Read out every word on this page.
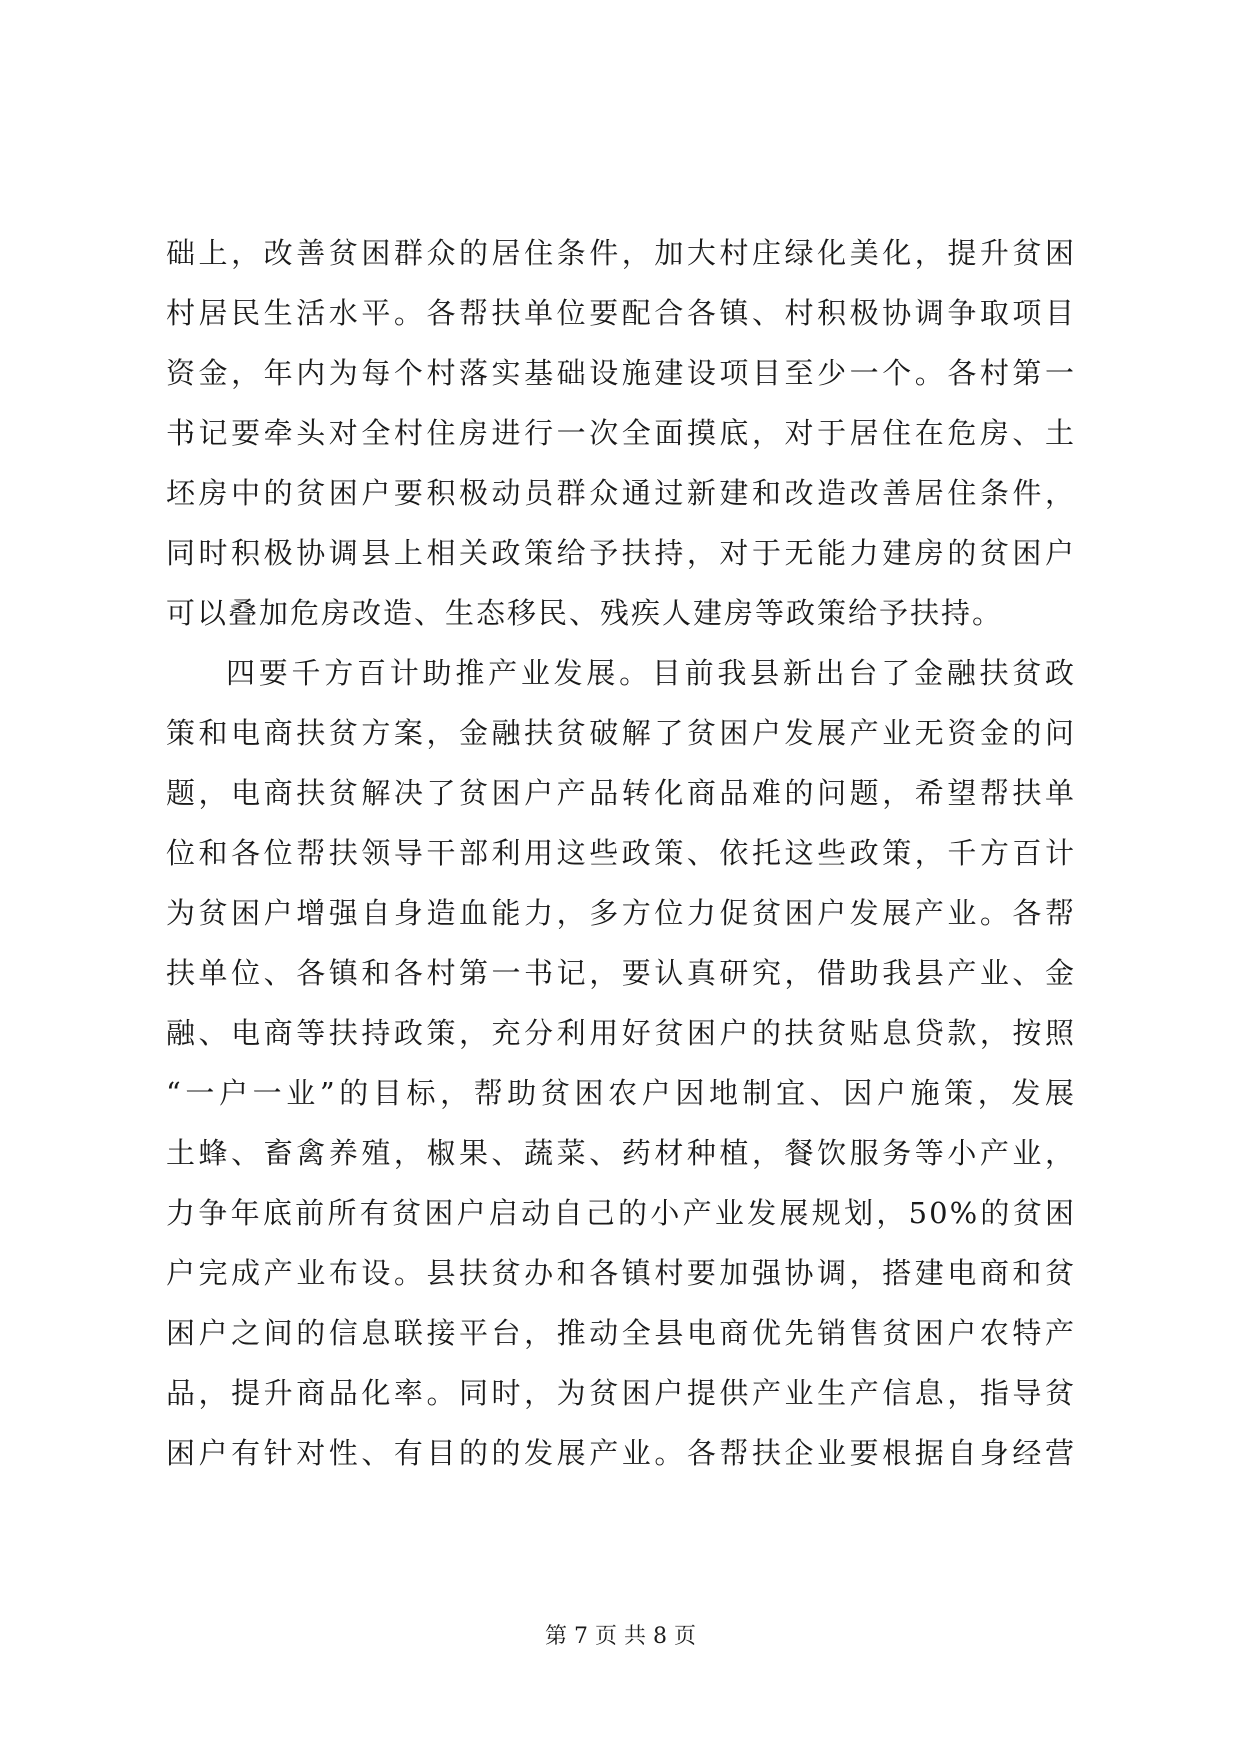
础上，改善贫困群众的居住条件，加大村庄绿化美化，提升贫困
村居民生活水平。各帮扶单位要配合各镇、村积极协调争取项目
资金，年内为每个村落实基础设施建设项目至少一个。各村第一
书记要牵头对全村住房进行一次全面摸底，对于居住在危房、土
坯房中的贫困户要积极动员群众通过新建和改造改善居住条件，
同时积极协调县上相关政策给予扶持，对于无能力建房的贫困户
可以叠加危房改造、生态移民、残疾人建房等政策给予扶持。
四要千方百计助推产业发展。目前我县新出台了金融扶贫政
策和电商扶贫方案，金融扶贫破解了贫困户发展产业无资金的问
题，电商扶贫解决了贫困户产品转化商品难的问题，希望帮扶单
位和各位帮扶领导干部利用这些政策、依托这些政策，千方百计
为贫困户增强自身造血能力，多方位力促贫困户发展产业。各帮
扶单位、各镇和各村第一书记，要认真研究，借助我县产业、金
融、电商等扶持政策，充分利用好贫困户的扶贫贴息贷款，按照
“一户一业”的目标，帮助贫困农户因地制宜、因户施策，发展
土蜂、畜禽养殖，椒果、蔬菜、药材种植，餐饮服务等小产业，
力争年底前所有贫困户启动自己的小产业发展规划，50%的贫困
户完成产业布设。县扶贫办和各镇村要加强协调，搭建电商和贫
困户之间的信息联接平台，推动全县电商优先销售贫困户农特产
品，提升商品化率。同时，为贫困户提供产业生产信息，指导贫
困户有针对性、有目的的发展产业。各帮扶企业要根据自身经营
第 7 页 共 8 页
